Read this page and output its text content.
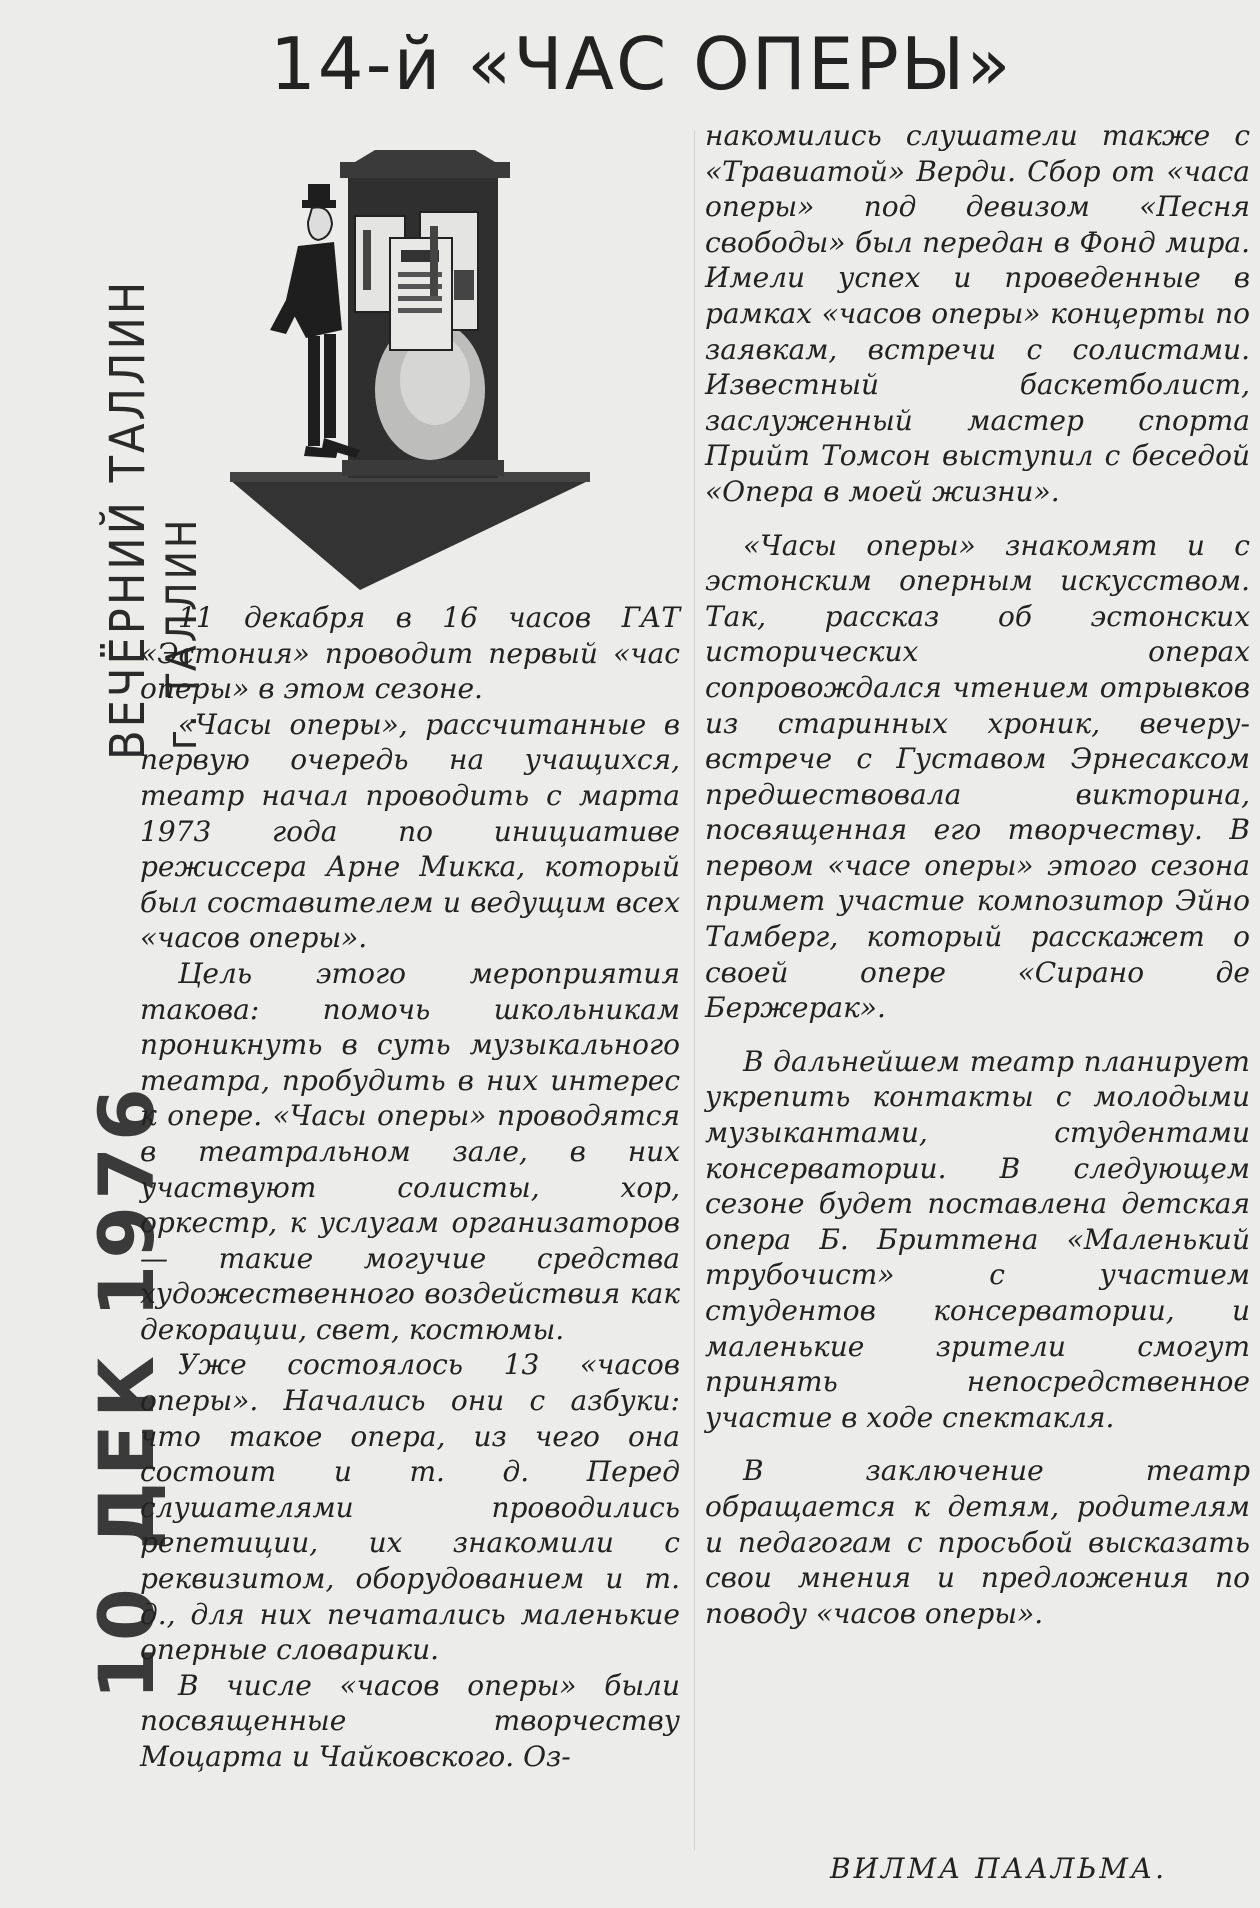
14-й «ЧАС ОПЕРЫ»
ВЕЧЁРНИЙ ТАЛЛИН г. ТАЛЛИН
10 ДЕК 1976

11 декабря в 16 часов ГАТ «Эстония» проводит первый «час оперы» в этом сезоне.

«Часы оперы», рассчитанные в первую очередь на учащихся, театр начал проводить с марта 1973 года по инициативе режиссера Арне Микка, который был составителем и ведущим всех «часов оперы».

Цель этого мероприятия такова: помочь школьникам проникнуть в суть музыкального театра, пробудить в них интерес к опере. «Часы оперы» проводятся в театральном зале, в них участвуют солисты, хор, оркестр, к услугам организаторов — такие могучие средства художественного воздействия как декорации, свет, костюмы.

Уже состоялось 13 «часов оперы». Начались они с азбуки: что такое опера, из чего она состоит и т. д. Перед слушателями проводились репетиции, их знакомили с реквизитом, оборудованием и т. д., для них печатались маленькие оперные словарики.

В числе «часов оперы» были посвященные творчеству Моцарта и Чайковского. Оз-

накомились слушатели также с «Травиатой» Верди. Сбор от «часа оперы» под девизом «Песня свободы» был передан в Фонд мира. Имели успех и проведенные в рамках «часов оперы» концерты по заявкам, встречи с солистами. Известный баскетболист, заслуженный мастер спорта Прийт Томсон выступил с беседой «Опера в моей жизни».

«Часы оперы» знакомят и с эстонским оперным искусством. Так, рассказ об эстонских исторических операх сопровождался чтением отрывков из старинных хроник, вечеру-встрече с Густавом Эрнесаксом предшествовала викторина, посвященная его творчеству. В первом «часе оперы» этого сезона примет участие композитор Эйно Тамберг, который расскажет о своей опере «Сирано де Бержерак».

В дальнейшем театр планирует укрепить контакты с молодыми музыкантами, студентами консерватории. В следующем сезоне будет поставлена детская опера Б. Бриттена «Маленький трубочист» с участием студентов консерватории, и маленькие зрители смогут принять непосредственное участие в ходе спектакля.

В заключение театр обращается к детям, родителям и педагогам с просьбой высказать свои мнения и предложения по поводу «часов оперы».

ВИЛМА ПААЛЬМА.
